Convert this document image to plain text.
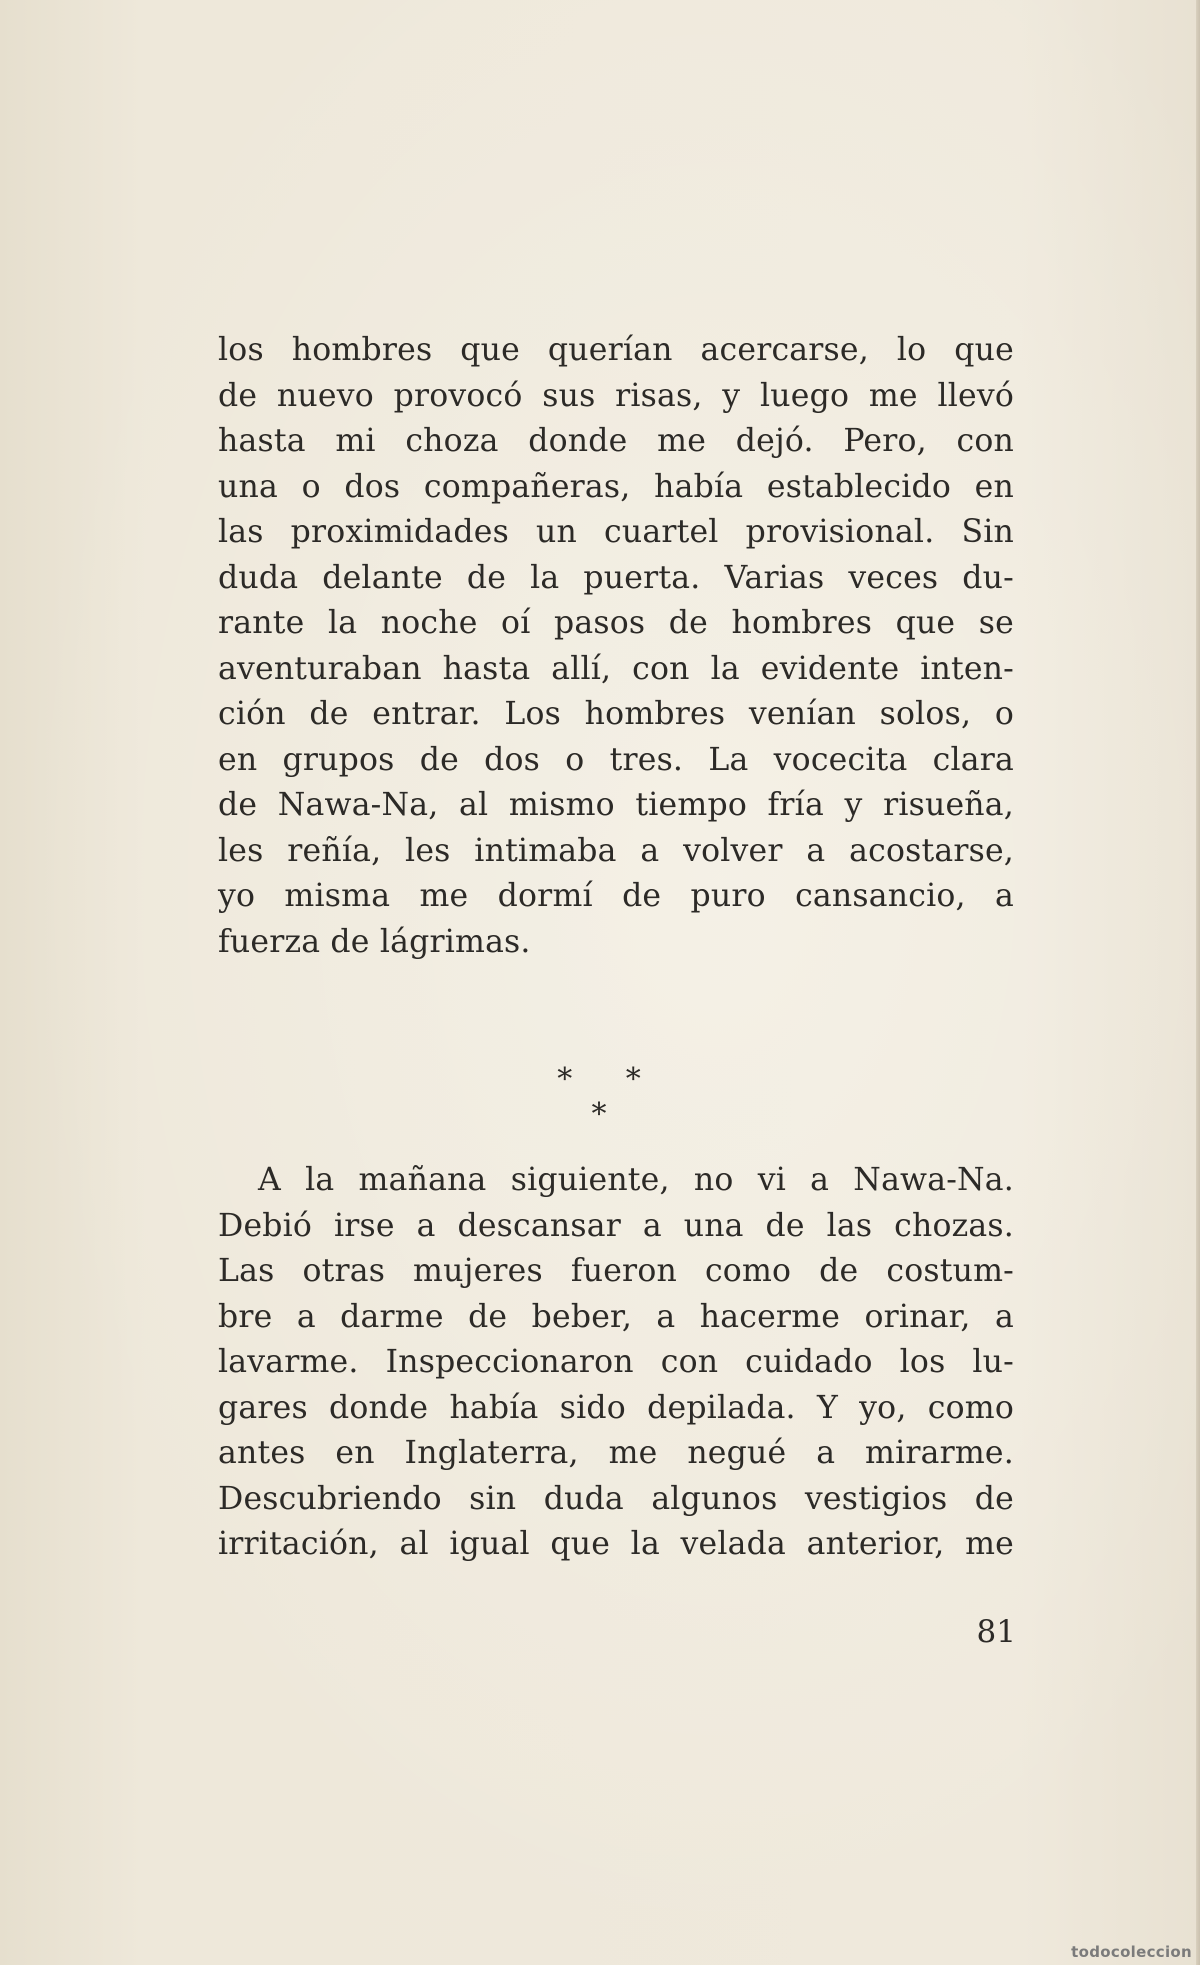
los hombres que querían acercarse, lo que
de nuevo provocó sus risas, y luego me llevó
hasta mi choza donde me dejó. Pero, con
una o dos compañeras, había establecido en
las proximidades un cuartel provisional. Sin
duda delante de la puerta. Varias veces du-
rante la noche oí pasos de hombres que se
aventuraban hasta allí, con la evidente inten-
ción de entrar. Los hombres venían solos, o
en grupos de dos o tres. La vocecita clara
de Nawa-Na, al mismo tiempo fría y risueña,
les reñía, les intimaba a volver a acostarse,
yo misma me dormí de puro cansancio, a
fuerza de lágrimas.
* * *
A la mañana siguiente, no vi a Nawa-Na.
Debió irse a descansar a una de las chozas.
Las otras mujeres fueron como de costum-
bre a darme de beber, a hacerme orinar, a
lavarme. Inspeccionaron con cuidado los lu-
gares donde había sido depilada. Y yo, como
antes en Inglaterra, me negué a mirarme.
Descubriendo sin duda algunos vestigios de
irritación, al igual que la velada anterior, me
81
todocoleccion
